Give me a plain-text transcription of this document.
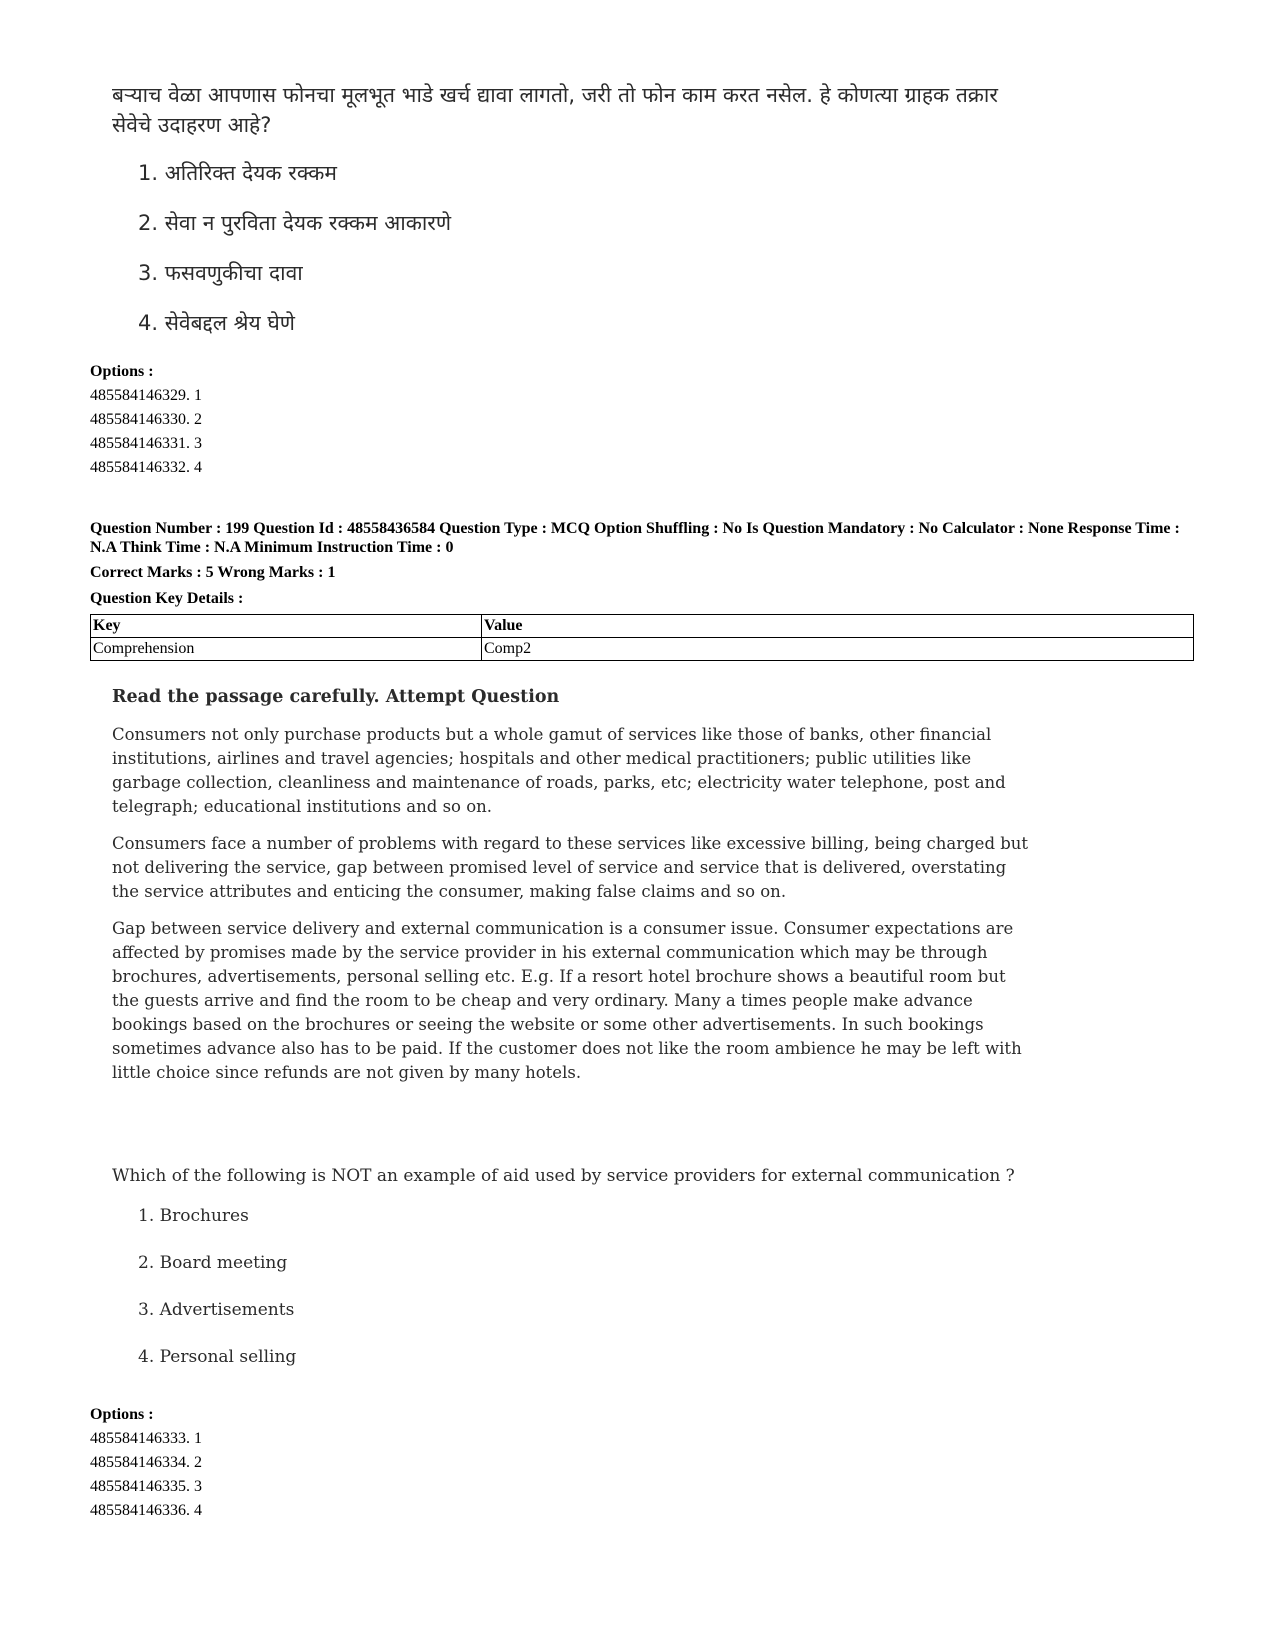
बऱ्याच वेळा आपणास फोनचा मूलभूत भाडे खर्च द्यावा लागतो, जरी तो फोन काम करत नसेल. हे कोणत्या ग्राहक तक्रार सेवेचे उदाहरण आहे?
1. अतिरिक्त देयक रक्कम
2. सेवा न पुरविता देयक रक्कम आकारणे
3. फसवणुकीचा दावा
4. सेवेबद्दल श्रेय घेणे
Options :
485584146329. 1
485584146330. 2
485584146331. 3
485584146332. 4
Question Number : 199 Question Id : 48558436584 Question Type : MCQ Option Shuffling : No Is Question Mandatory : No Calculator : None Response Time : N.A Think Time : N.A Minimum Instruction Time : 0
Correct Marks : 5 Wrong Marks : 1
Question Key Details :
Key	Value
Comprehension	Comp2
Read the passage carefully. Attempt Question

Consumers not only purchase products but a whole gamut of services like those of banks, other financial institutions, airlines and travel agencies; hospitals and other medical practitioners; public utilities like garbage collection, cleanliness and maintenance of roads, parks, etc; electricity water telephone, post and telegraph; educational institutions and so on.

Consumers face a number of problems with regard to these services like excessive billing, being charged but not delivering the service, gap between promised level of service and service that is delivered, overstating the service attributes and enticing the consumer, making false claims and so on.

Gap between service delivery and external communication is a consumer issue. Consumer expectations are affected by promises made by the service provider in his external communication which may be through brochures, advertisements, personal selling etc. E.g. If a resort hotel brochure shows a beautiful room but the guests arrive and find the room to be cheap and very ordinary. Many a times people make advance bookings based on the brochures or seeing the website or some other advertisements. In such bookings sometimes advance also has to be paid. If the customer does not like the room ambience he may be left with little choice since refunds are not given by many hotels.

Which of the following is NOT an example of aid used by service providers for external communication ?
1. Brochures
2. Board meeting
3. Advertisements
4. Personal selling
Options :
485584146333. 1
485584146334. 2
485584146335. 3
485584146336. 4
